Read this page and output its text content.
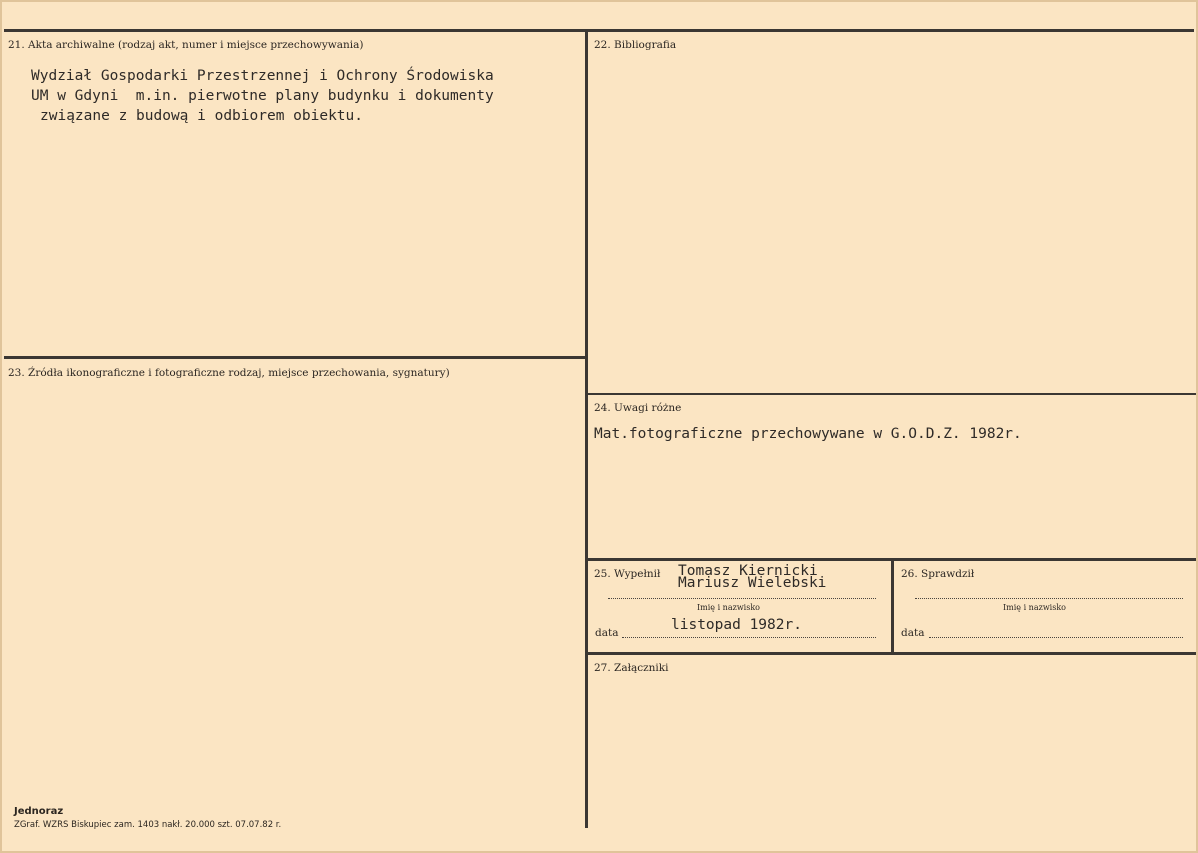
21. Akta archiwalne (rodzaj akt, numer i miejsce przechowywania)
Wydział Gospodarki Przestrzennej i Ochrony Środowiska
UM w Gdyni  m.in. pierwotne plany budynku i dokumenty
związane z budową i odbiorem obiektu.
22. Bibliografia
23. Źródła ikonograficzne i fotograficzne rodzaj, miejsce przechowania, sygnatury)
24. Uwagi różne
Mat.fotograficzne przechowywane w G.O.D.Z. 1982r.
25. Wypełnił Tomasz Kiernicki
Mariusz Wielebski
Imię i nazwisko
data	listopad 1982r.
26. Sprawdził
Imię i nazwisko
data
27. Załączniki
Jednoraz
ZGraf. WZRS Biskupiec zam. 1403 nakł. 20.000 szt. 07.07.82 r.
